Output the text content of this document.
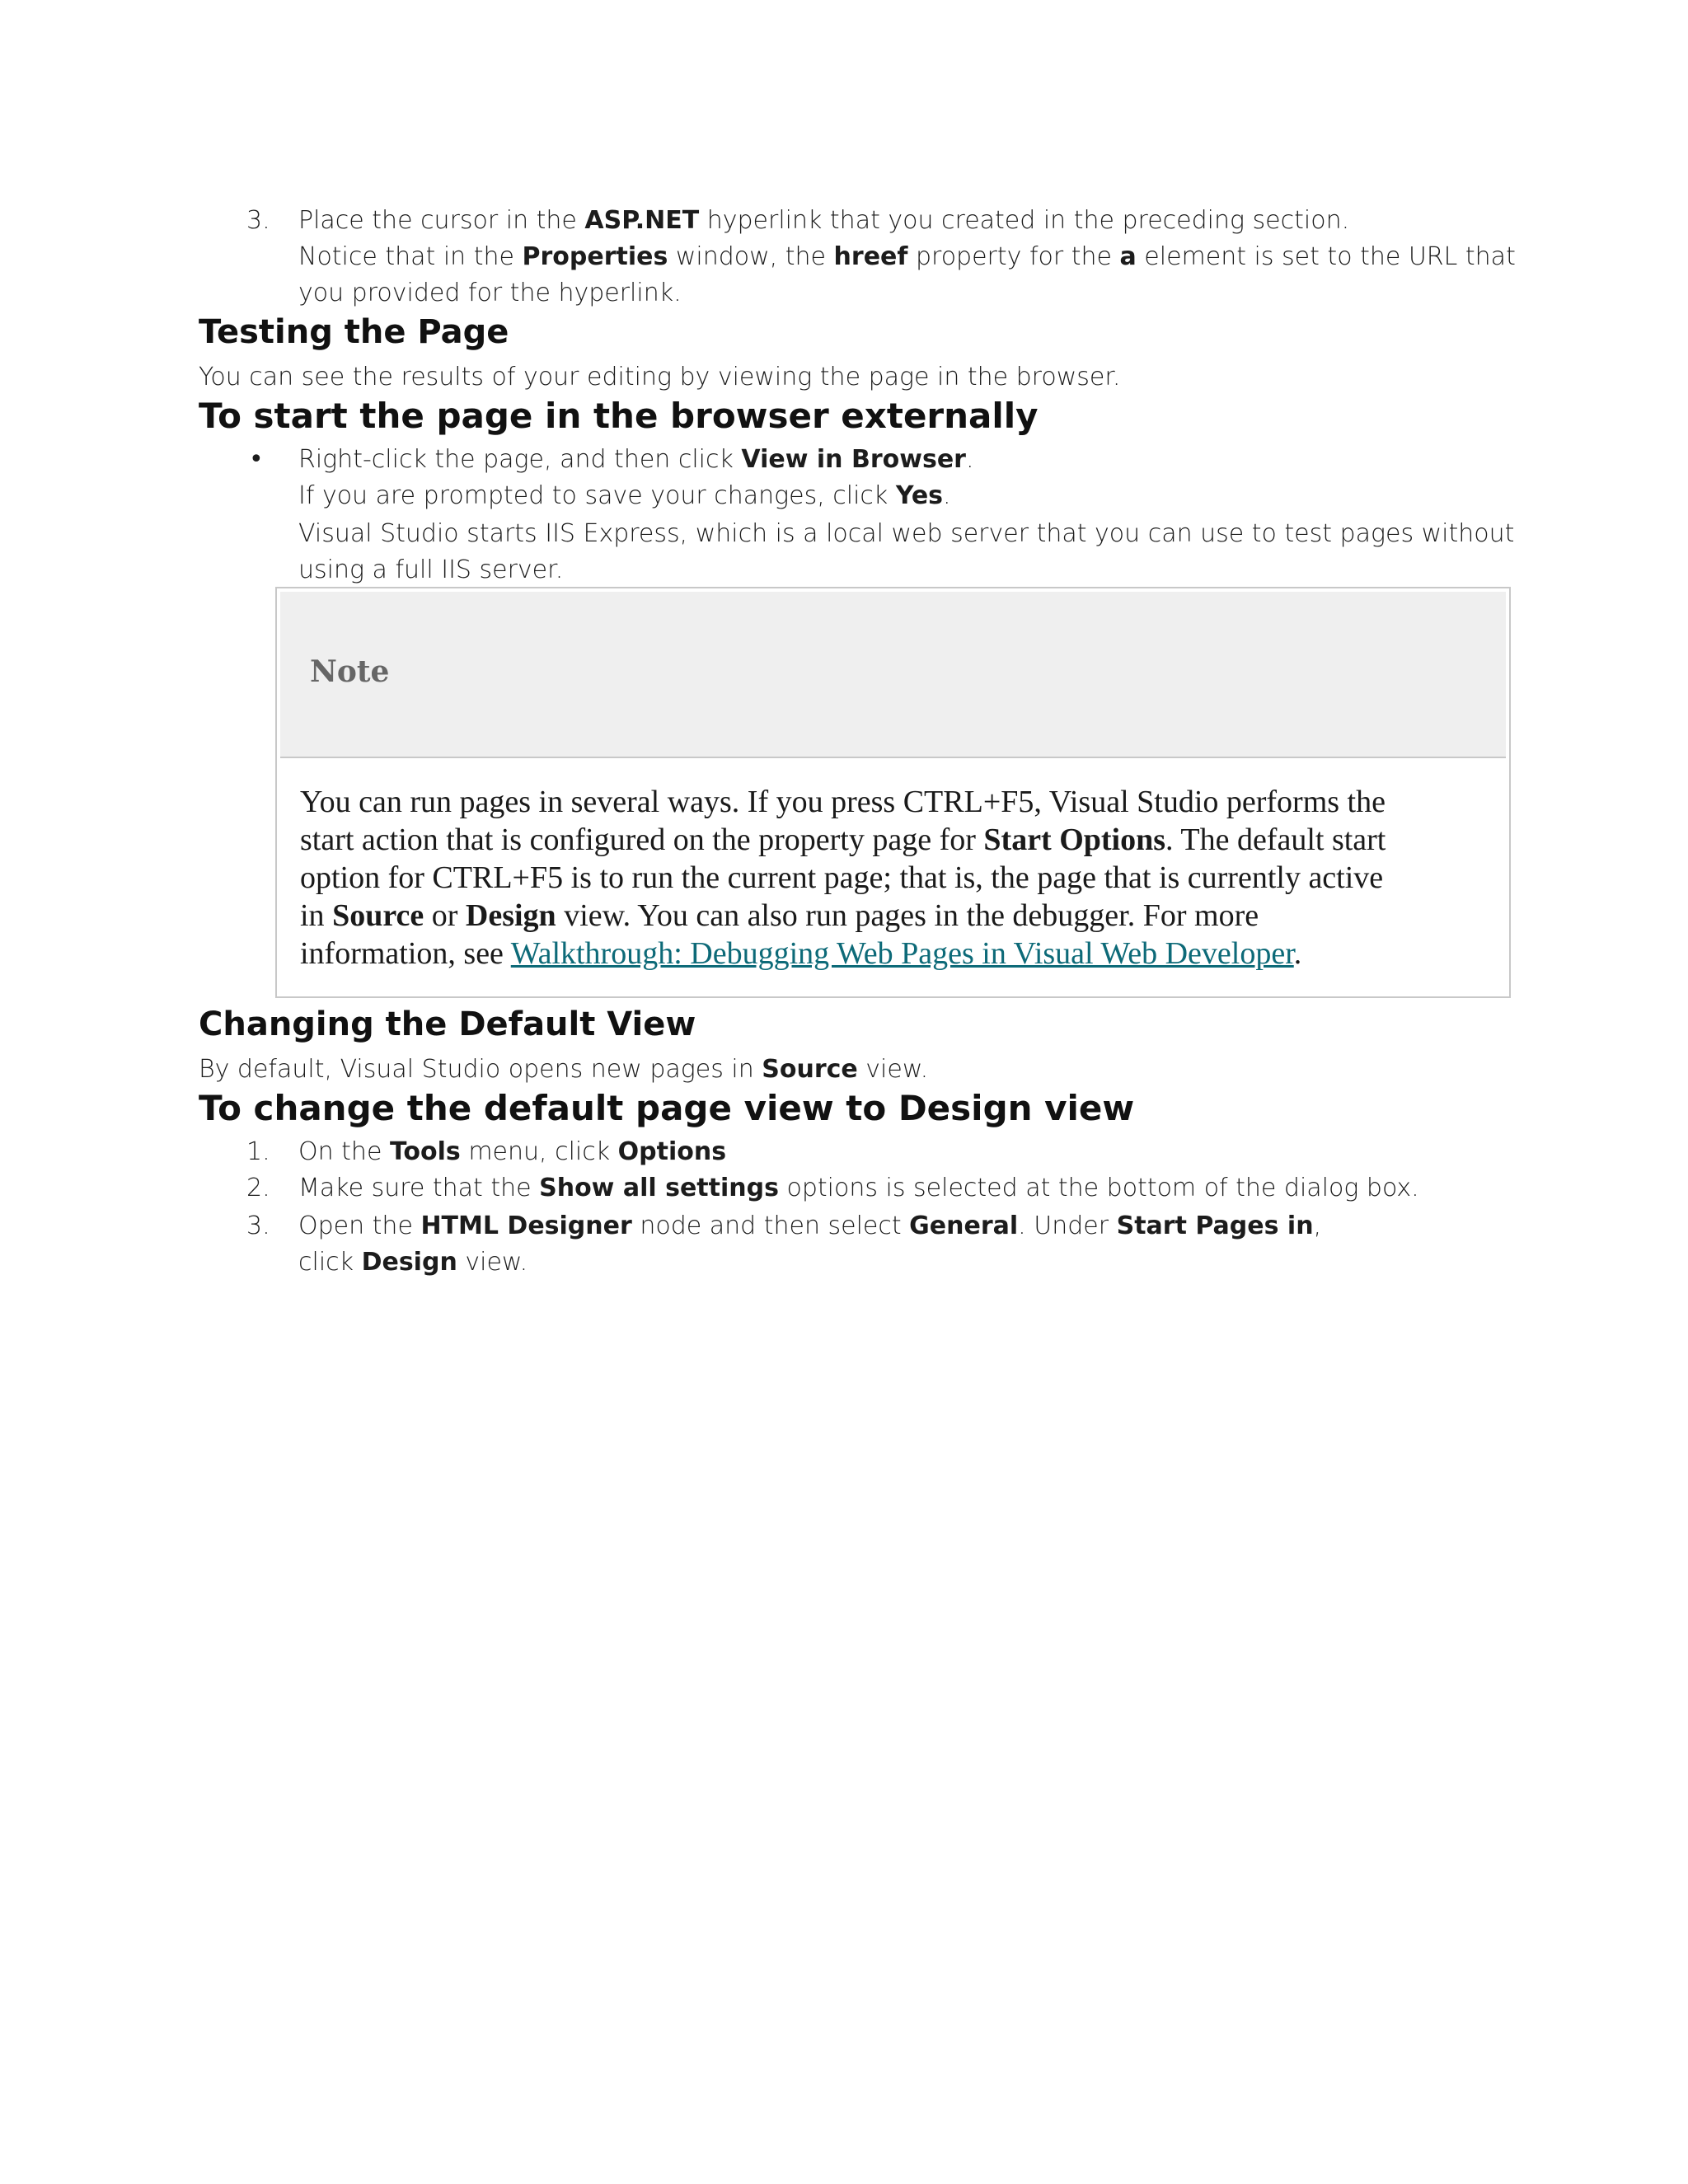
3. Place the cursor in the ASP.NET hyperlink that you created in the preceding section.
Notice that in the Properties window, the hreef property for the a element is set to the URL that
you provided for the hyperlink.
Testing the Page
You can see the results of your editing by viewing the page in the browser.
To start the page in the browser externally
• Right-click the page, and then click View in Browser.
If you are prompted to save your changes, click Yes.
Visual Studio starts IIS Express, which is a local web server that you can use to test pages without
using a full IIS server.
Note

You can run pages in several ways. If you press CTRL+F5, Visual Studio performs the

start action that is configured on the property page for Start Options. The default start

option for CTRL+F5 is to run the current page; that is, the page that is currently active

in Source or Design view. You can also run pages in the debugger. For more

information, see Walkthrough: Debugging Web Pages in Visual Web Developer.

Changing the Default View
By default, Visual Studio opens new pages in Source view.
To change the default page view to Design view
1. On the Tools menu, click Options
2. Make sure that the Show all settings options is selected at the bottom of the dialog box.
3. Open the HTML Designer node and then select General. Under Start Pages in,
click Design view.
